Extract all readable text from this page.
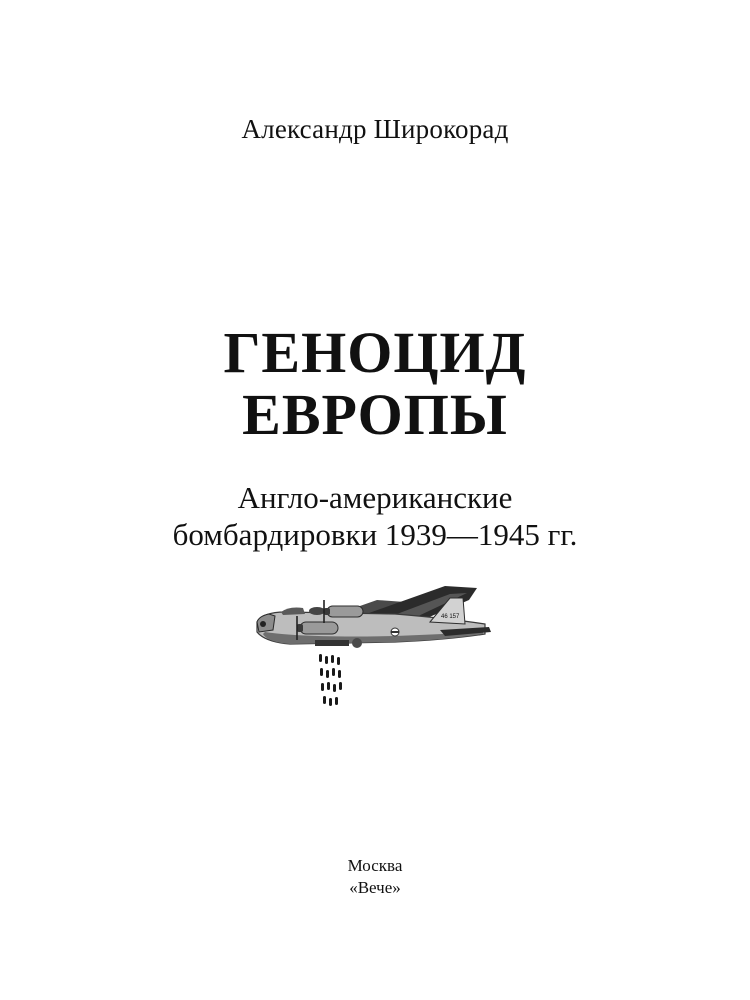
Александр Широкорад
ГЕНОЦИД
ЕВРОПЫ
Англо-американские
бомбардировки 1939—1945 гг.
46 157
Москва
«Вече»
